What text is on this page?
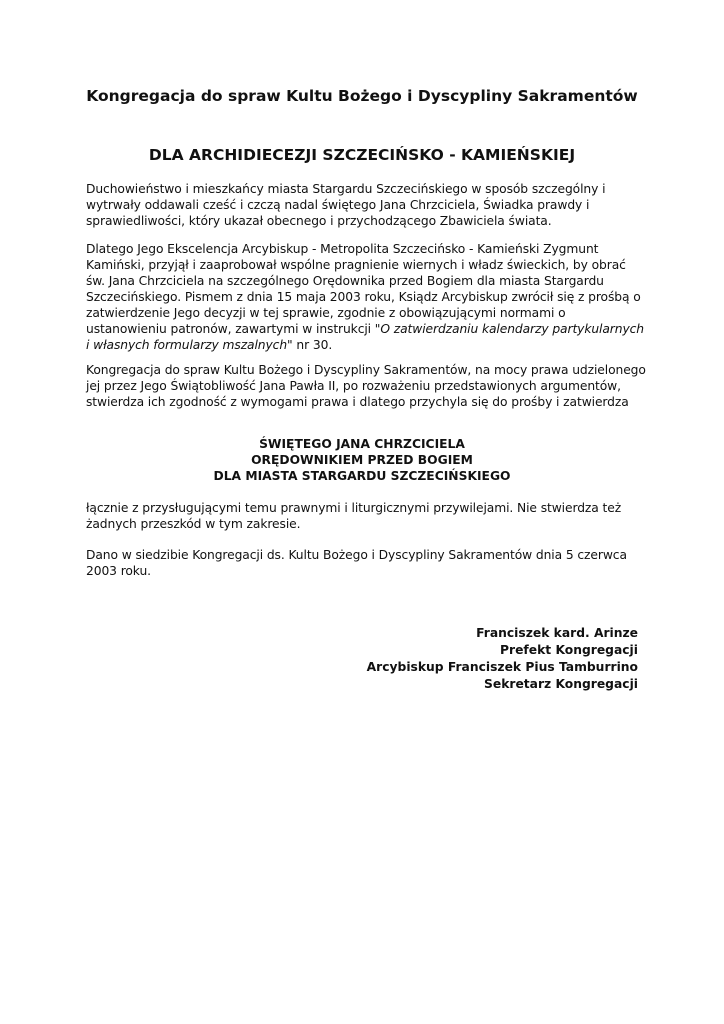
Kongregacja do spraw Kultu Bożego i Dyscypliny Sakramentów
DLA ARCHIDIECEZJI SZCZECIŃSKO - KAMIEŃSKIEJ

Duchowieństwo i mieszkańcy miasta Stargardu Szczecińskiego w sposób szczególny i wytrwały oddawali cześć i czczą nadal świętego Jana Chrzciciela, Świadka prawdy i sprawiedliwości, który ukazał obecnego i przychodzącego Zbawiciela świata.

Dlatego Jego Ekscelencja Arcybiskup - Metropolita Szczecińsko - Kamieński Zygmunt Kamiński, przyjął i zaaprobował wspólne pragnienie wiernych i władz świeckich, by obrać św. Jana Chrzciciela na szczególnego Orędownika przed Bogiem dla miasta Stargardu Szczecińskiego. Pismem z dnia 15 maja 2003 roku, Ksiądz Arcybiskup zwrócił się z prośbą o zatwierdzenie Jego decyzji w tej sprawie, zgodnie z obowiązującymi normami o ustanowieniu patronów, zawartymi w instrukcji "O zatwierdzaniu kalendarzy partykularnych i własnych formularzy mszalnych" nr 30.

Kongregacja do spraw Kultu Bożego i Dyscypliny Sakramentów, na mocy prawa udzielonego jej przez Jego Świątobliwość Jana Pawła II, po rozważeniu przedstawionych argumentów, stwierdza ich zgodność z wymogami prawa i dlatego przychyla się do prośby i zatwierdza

ŚWIĘTEGO JANA CHRZCICIELA
ORĘDOWNIKIEM PRZED BOGIEM
DLA MIASTA STARGARDU SZCZECIŃSKIEGO

łącznie z przysługującymi temu prawnymi i liturgicznymi przywilejami. Nie stwierdza też żadnych przeszkód w tym zakresie.

Dano w siedzibie Kongregacji ds. Kultu Bożego i Dyscypliny Sakramentów dnia 5 czerwca 2003 roku.

Franciszek kard. Arinze
Prefekt Kongregacji
Arcybiskup Franciszek Pius Tamburrino
Sekretarz Kongregacji
